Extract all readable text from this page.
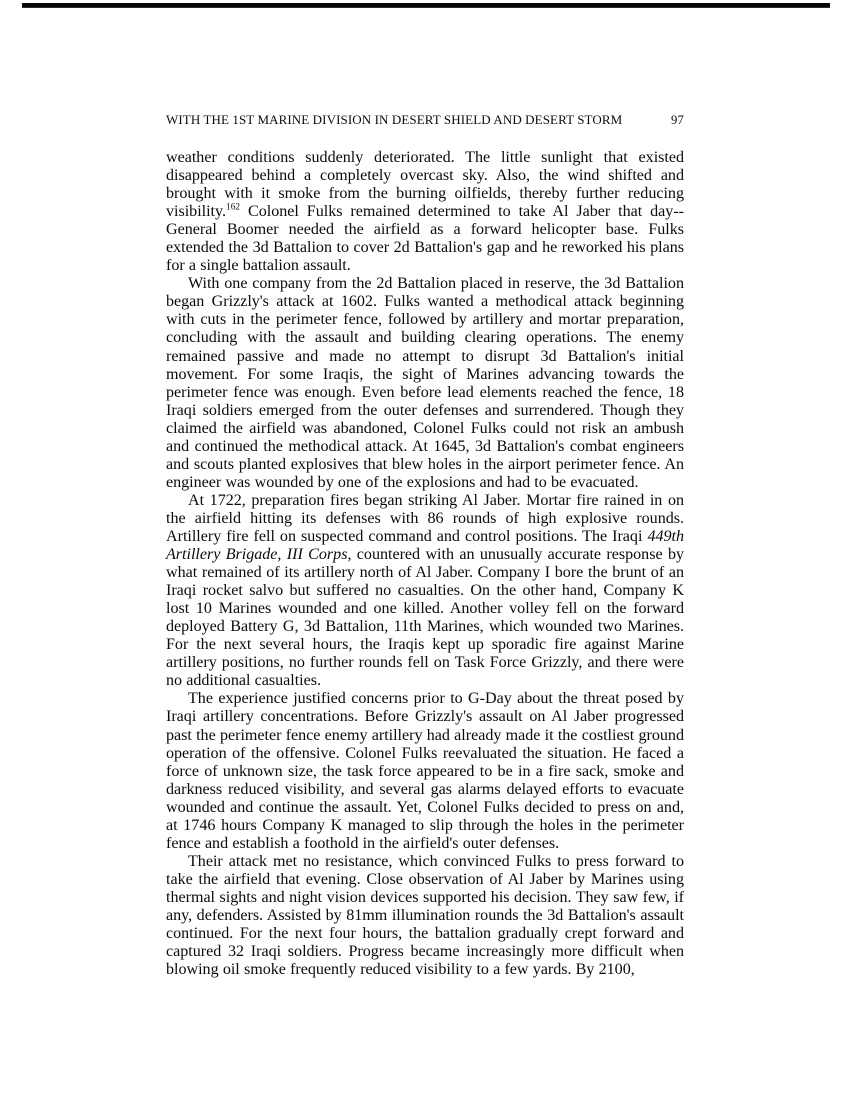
WITH THE 1ST MARINE DIVISION IN DESERT SHIELD AND DESERT STORM	97

weather conditions suddenly deteriorated. The little sunlight that existed disappeared behind a completely overcast sky. Also, the wind shifted and brought with it smoke from the burning oilfields, thereby further reducing visibility.$^{162}$ Colonel Fulks remained determined to take Al Jaber that day--General Boomer needed the airfield as a forward helicopter base. Fulks extended the 3d Battalion to cover 2d Battalion's gap and he reworked his plans for a single battalion assault.

With one company from the 2d Battalion placed in reserve, the 3d Battalion began Grizzly's attack at 1602. Fulks wanted a methodical attack beginning with cuts in the perimeter fence, followed by artillery and mortar preparation, concluding with the assault and building clearing operations. The enemy remained passive and made no attempt to disrupt 3d Battalion's initial movement. For some Iraqis, the sight of Marines advancing towards the perimeter fence was enough. Even before lead elements reached the fence, 18 Iraqi soldiers emerged from the outer defenses and surrendered. Though they claimed the airfield was abandoned, Colonel Fulks could not risk an ambush and continued the methodical attack. At 1645, 3d Battalion's combat engineers and scouts planted explosives that blew holes in the airport perimeter fence. An engineer was wounded by one of the explosions and had to be evacuated.

At 1722, preparation fires began striking Al Jaber. Mortar fire rained in on the airfield hitting its defenses with 86 rounds of high explosive rounds. Artillery fire fell on suspected command and control positions. The Iraqi 449th Artillery Brigade, III Corps, countered with an unusually accurate response by what remained of its artillery north of Al Jaber. Company I bore the brunt of an Iraqi rocket salvo but suffered no casualties. On the other hand, Company K lost 10 Marines wounded and one killed. Another volley fell on the forward deployed Battery G, 3d Battalion, 11th Marines, which wounded two Marines. For the next several hours, the Iraqis kept up sporadic fire against Marine artillery positions, no further rounds fell on Task Force Grizzly, and there were no additional casualties.

The experience justified concerns prior to G-Day about the threat posed by Iraqi artillery concentrations. Before Grizzly's assault on Al Jaber progressed past the perimeter fence enemy artillery had already made it the costliest ground operation of the offensive. Colonel Fulks reevaluated the situation. He faced a force of unknown size, the task force appeared to be in a fire sack, smoke and darkness reduced visibility, and several gas alarms delayed efforts to evacuate wounded and continue the assault. Yet, Colonel Fulks decided to press on and, at 1746 hours Company K managed to slip through the holes in the perimeter fence and establish a foothold in the airfield's outer defenses.

Their attack met no resistance, which convinced Fulks to press forward to take the airfield that evening. Close observation of Al Jaber by Marines using thermal sights and night vision devices supported his decision. They saw few, if any, defenders. Assisted by 81mm illumination rounds the 3d Battalion's assault continued. For the next four hours, the battalion gradually crept forward and captured 32 Iraqi soldiers. Progress became increasingly more difficult when blowing oil smoke frequently reduced visibility to a few yards. By 2100,
